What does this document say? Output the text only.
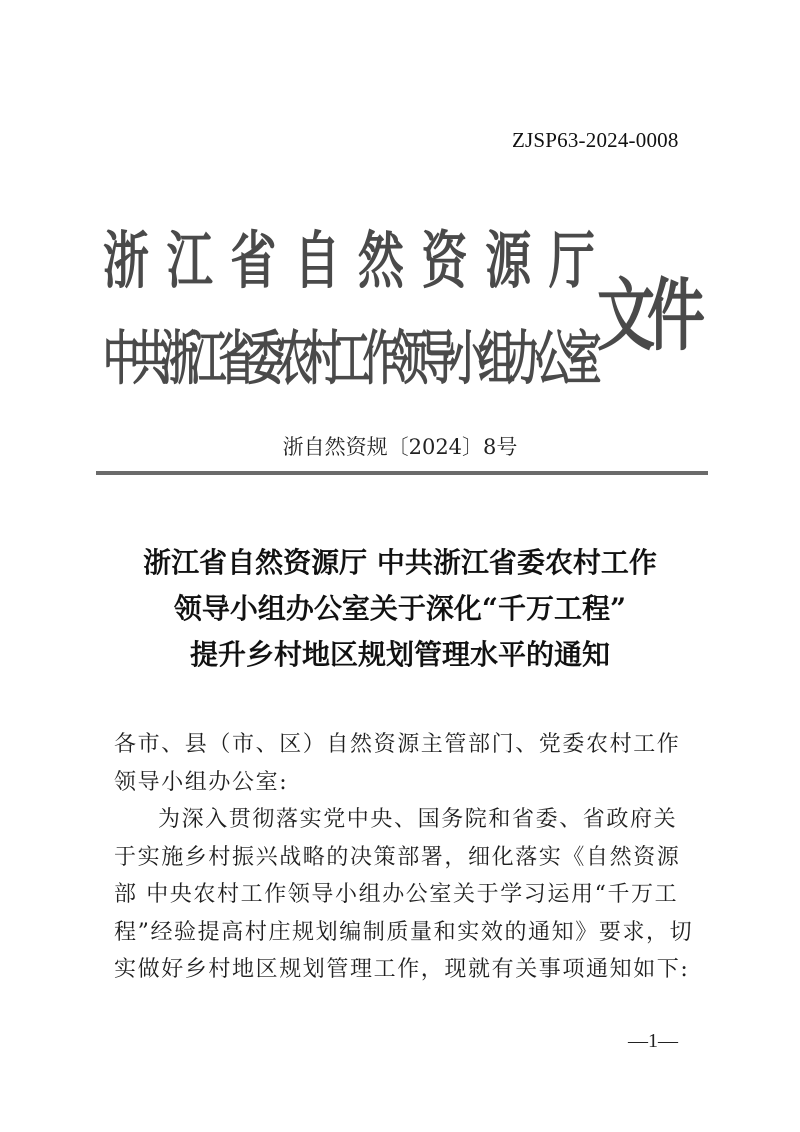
ZJSP63-2024-0008
浙 江 省 自 然 资 源 厅
中共浙江省委农村工作领导小组办公室 文件
浙自然资规〔2024〕8号
浙江省自然资源厅 中共浙江省委农村工作
领导小组办公室关于深化“千万工程”
提升乡村地区规划管理水平的通知

各市、县（市、区）自然资源主管部门、党委农村工作领导小组办公室:

为深入贯彻落实党中央、国务院和省委、省政府关于实施乡村振兴战略的决策部署，细化落实《自然资源部 中央农村工作领导小组办公室关于学习运用“千万工程”经验提高村庄规划编制质量和实效的通知》要求，切实做好乡村地区规划管理工作，现就有关事项通知如下:

—1—
